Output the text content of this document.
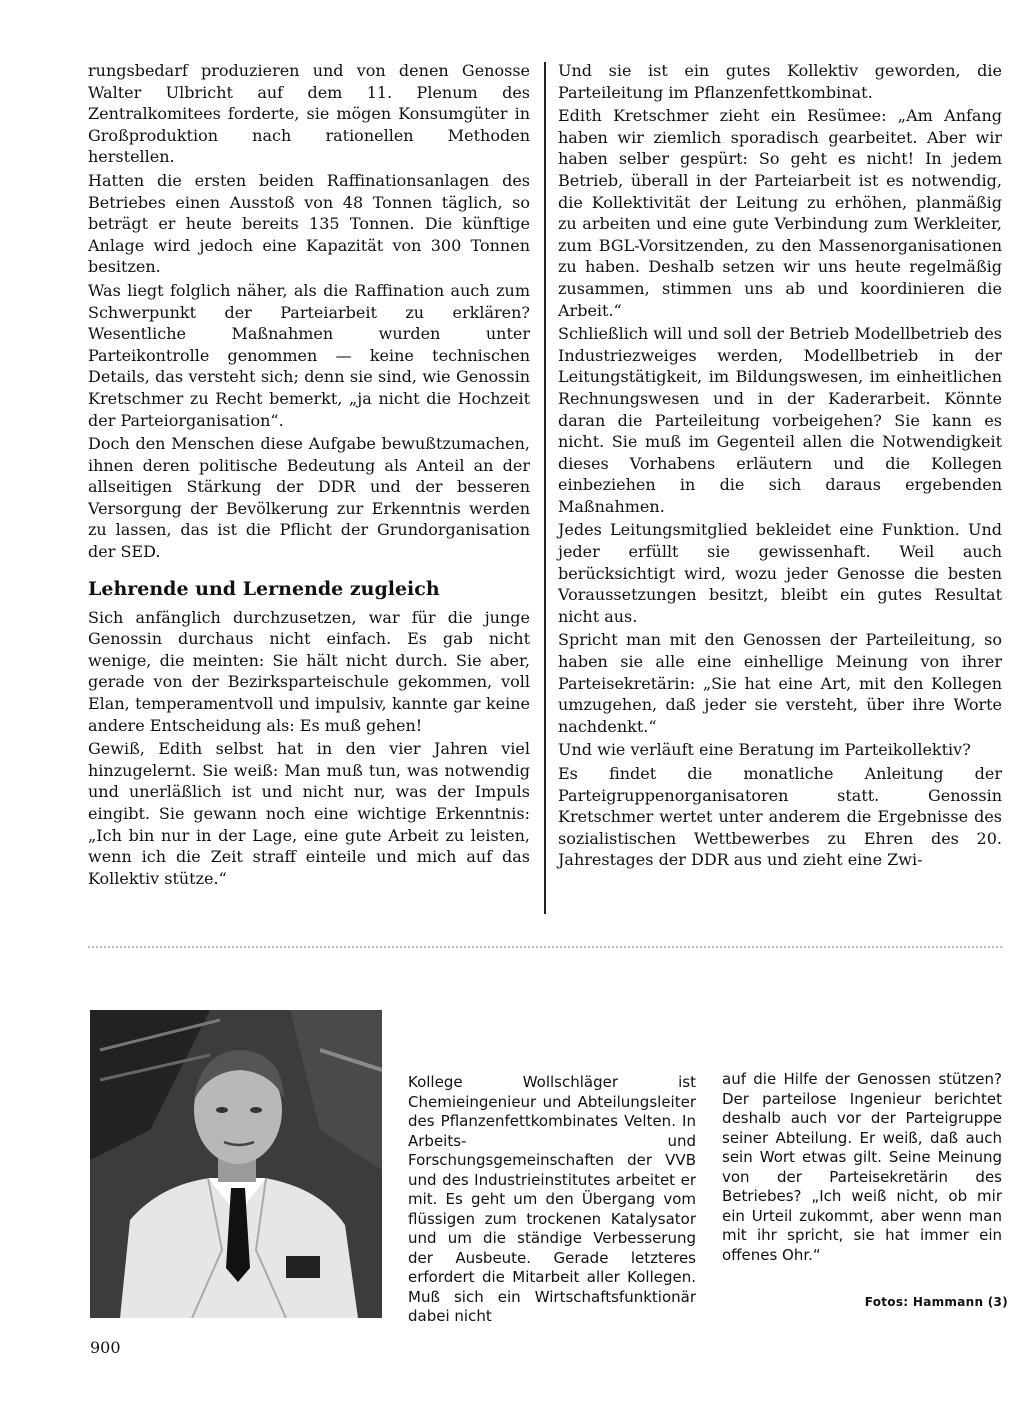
rungsbedarf produzieren und von denen Genosse Walter Ulbricht auf dem 11. Plenum des Zentralkomitees forderte, sie mögen Konsumgüter in Großproduktion nach rationellen Methoden herstellen.

Hatten die ersten beiden Raffinationsanlagen des Betriebes einen Ausstoß von 48 Tonnen täglich, so beträgt er heute bereits 135 Tonnen. Die künftige Anlage wird jedoch eine Kapazität von 300 Tonnen besitzen.

Was liegt folglich näher, als die Raffination auch zum Schwerpunkt der Parteiarbeit zu erklären? Wesentliche Maßnahmen wurden unter Parteikontrolle genommen — keine technischen Details, das versteht sich; denn sie sind, wie Genossin Kretschmer zu Recht bemerkt, „ja nicht die Hochzeit der Parteiorganisation“.

Doch den Menschen diese Aufgabe bewußtzumachen, ihnen deren politische Bedeutung als Anteil an der allseitigen Stärkung der DDR und der besseren Versorgung der Bevölkerung zur Erkenntnis werden zu lassen, das ist die Pflicht der Grundorganisation der SED.

Lehrende und Lernende zugleich

Sich anfänglich durchzusetzen, war für die junge Genossin durchaus nicht einfach. Es gab nicht wenige, die meinten: Sie hält nicht durch. Sie aber, gerade von der Bezirksparteischule gekommen, voll Elan, temperamentvoll und impulsiv, kannte gar keine andere Entscheidung als: Es muß gehen!

Gewiß, Edith selbst hat in den vier Jahren viel hinzugelernt. Sie weiß: Man muß tun, was notwendig und unerläßlich ist und nicht nur, was der Impuls eingibt. Sie gewann noch eine wichtige Erkenntnis: „Ich bin nur in der Lage, eine gute Arbeit zu leisten, wenn ich die Zeit straff einteile und mich auf das Kollektiv stütze.“

Und sie ist ein gutes Kollektiv geworden, die Parteileitung im Pflanzenfettkombinat.

Edith Kretschmer zieht ein Resümee: „Am Anfang haben wir ziemlich sporadisch gearbeitet. Aber wir haben selber gespürt: So geht es nicht! In jedem Betrieb, überall in der Parteiarbeit ist es notwendig, die Kollektivität der Leitung zu erhöhen, planmäßig zu arbeiten und eine gute Verbindung zum Werkleiter, zum BGL-Vorsitzenden, zu den Massenorganisationen zu haben. Deshalb setzen wir uns heute regelmäßig zusammen, stimmen uns ab und koordinieren die Arbeit.“

Schließlich will und soll der Betrieb Modellbetrieb des Industriezweiges werden, Modellbetrieb in der Leitungstätigkeit, im Bildungswesen, im einheitlichen Rechnungswesen und in der Kaderarbeit. Könnte daran die Parteileitung vorbeigehen? Sie kann es nicht. Sie muß im Gegenteil allen die Notwendigkeit dieses Vorhabens erläutern und die Kollegen einbeziehen in die sich daraus ergebenden Maßnahmen.

Jedes Leitungsmitglied bekleidet eine Funktion. Und jeder erfüllt sie gewissenhaft. Weil auch berücksichtigt wird, wozu jeder Genosse die besten Voraussetzungen besitzt, bleibt ein gutes Resultat nicht aus.

Spricht man mit den Genossen der Parteileitung, so haben sie alle eine einhellige Meinung von ihrer Parteisekretärin: „Sie hat eine Art, mit den Kollegen umzugehen, daß jeder sie versteht, über ihre Worte nachdenkt.“

Und wie verläuft eine Beratung im Parteikollektiv?

Es findet die monatliche Anleitung der Parteigruppenorganisatoren statt. Genossin Kretschmer wertet unter anderem die Ergebnisse des sozialistischen Wettbewerbes zu Ehren des 20. Jahrestages der DDR aus und zieht eine Zwi-

Kollege Wollschläger ist Chemieingenieur und Abteilungsleiter des Pflanzenfettkombinates Velten. In Arbeits- und Forschungsgemeinschaften der VVB und des Industrieinstitutes arbeitet er mit. Es geht um den Übergang vom flüssigen zum trockenen Katalysator und um die ständige Verbesserung der Ausbeute. Gerade letzteres erfordert die Mitarbeit aller Kollegen. Muß sich ein Wirtschaftsfunktionär dabei nicht
auf die Hilfe der Genossen stützen? Der parteilose Ingenieur berichtet deshalb auch vor der Parteigruppe seiner Abteilung. Er weiß, daß auch sein Wort etwas gilt. Seine Meinung von der Parteisekretärin des Betriebes? „Ich weiß nicht, ob mir ein Urteil zukommt, aber wenn man mit ihr spricht, sie hat immer ein offenes Ohr.“
Fotos: Hammann (3)
900
